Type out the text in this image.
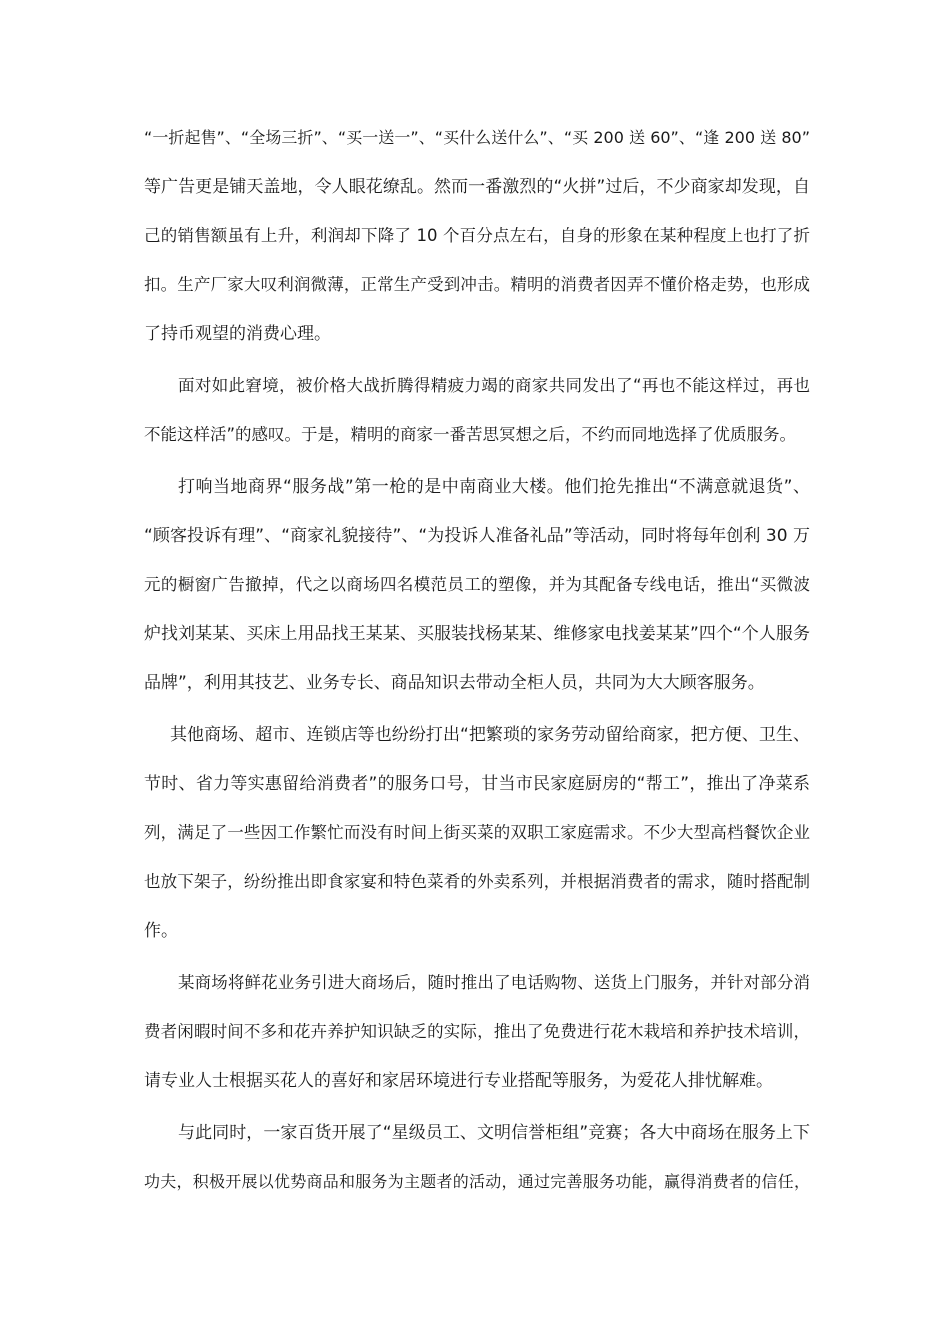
“一折起售”、“全场三折”、“买一送一”、“买什么送什么”、“买 200 送 60”、“逢 200 送 80”
等广告更是铺天盖地，令人眼花缭乱。然而一番激烈的“火拼”过后，不少商家却发现，自
己的销售额虽有上升，利润却下降了 10 个百分点左右，自身的形象在某种程度上也打了折
扣。生产厂家大叹利润微薄，正常生产受到冲击。精明的消费者因弄不懂价格走势，也形成
了持币观望的消费心理。
面对如此窘境，被价格大战折腾得精疲力竭的商家共同发出了“再也不能这样过，再也
不能这样活”的感叹。于是，精明的商家一番苦思冥想之后，不约而同地选择了优质服务。
打响当地商界“服务战”第一枪的是中南商业大楼。他们抢先推出“不满意就退货”、
“顾客投诉有理”、“商家礼貌接待”、“为投诉人准备礼品”等活动，同时将每年创利 30 万
元的橱窗广告撤掉，代之以商场四名模范员工的塑像，并为其配备专线电话，推出“买微波
炉找刘某某、买床上用品找王某某、买服装找杨某某、维修家电找姜某某”四个“个人服务
品牌”，利用其技艺、业务专长、商品知识去带动全柜人员，共同为大大顾客服务。
其他商场、超市、连锁店等也纷纷打出“把繁琐的家务劳动留给商家，把方便、卫生、
节时、省力等实惠留给消费者”的服务口号，甘当市民家庭厨房的“帮工”，推出了净菜系
列，满足了一些因工作繁忙而没有时间上街买菜的双职工家庭需求。不少大型高档餐饮企业
也放下架子，纷纷推出即食家宴和特色菜肴的外卖系列，并根据消费者的需求，随时搭配制
作。
某商场将鲜花业务引进大商场后，随时推出了电话购物、送货上门服务，并针对部分消
费者闲暇时间不多和花卉养护知识缺乏的实际，推出了免费进行花木栽培和养护技术培训，
请专业人士根据买花人的喜好和家居环境进行专业搭配等服务，为爱花人排忧解难。
与此同时，一家百货开展了“星级员工、文明信誉柜组”竞赛；各大中商场在服务上下
功夫，积极开展以优势商品和服务为主题者的活动，通过完善服务功能，赢得消费者的信任，
